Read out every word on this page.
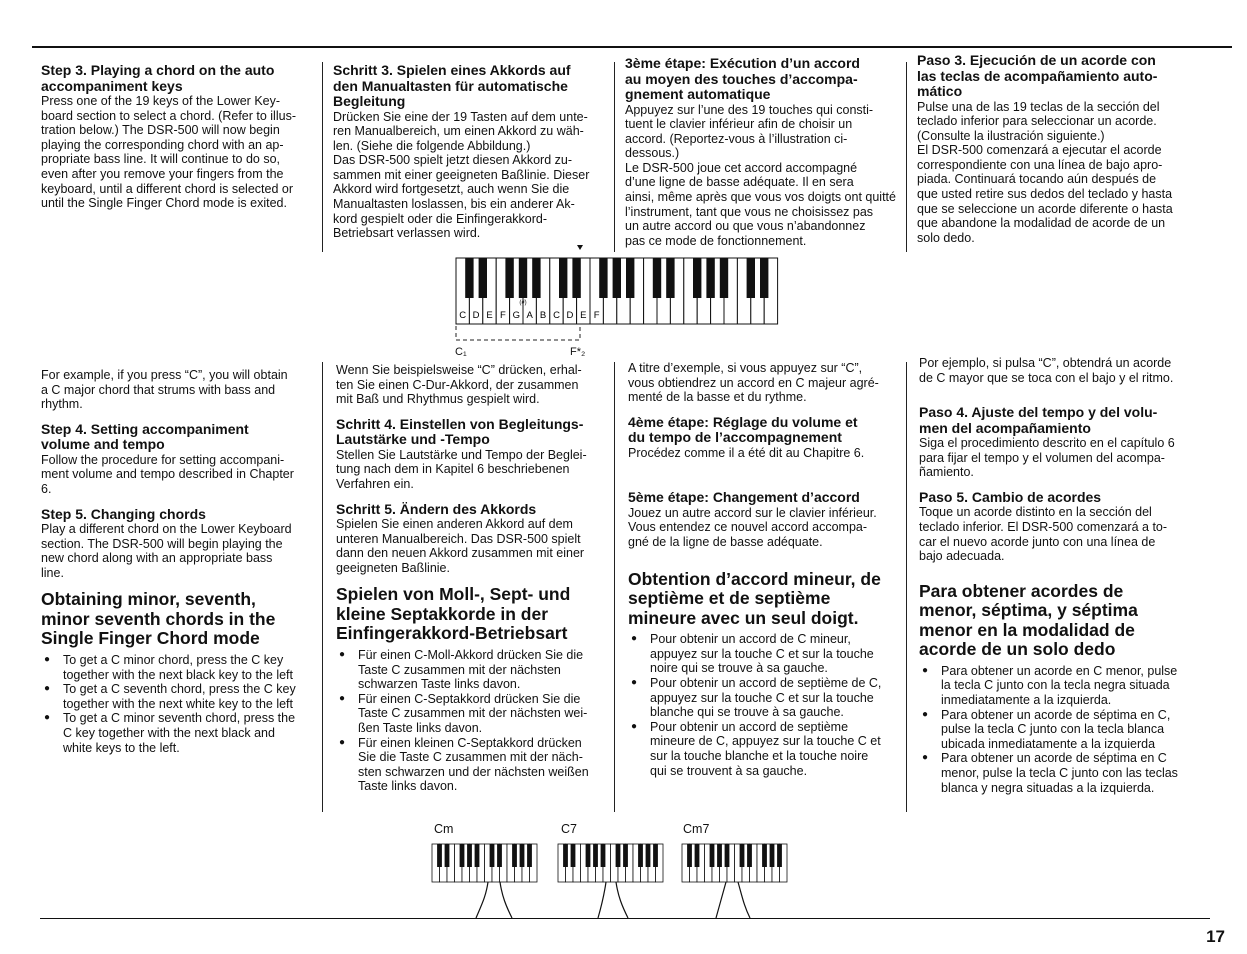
Step 3. Playing a chord on the auto
accompaniment keys

Press one of the 19 keys of the Lower Key-
board section to select a chord. (Refer to illus-
tration below.) The DSR-500 will now begin
playing the corresponding chord with an ap-
propriate bass line. It will continue to do so,
even after you remove your fingers from the
keyboard, until a different chord is selected or
until the Single Finger Chord mode is exited.

Schritt 3. Spielen eines Akkords auf
den Manualtasten für automatische
Begleitung

Drücken Sie eine der 19 Tasten auf dem unte-
ren Manualbereich, um einen Akkord zu wäh-
len. (Siehe die folgende Abbildung.)
Das DSR-500 spielt jetzt diesen Akkord zu-
sammen mit einer geeigneten Baßlinie. Dieser
Akkord wird fortgesetzt, auch wenn Sie die
Manualtasten loslassen, bis ein anderer Ak-
kord gespielt oder die Einfingerakkord-
Betriebsart verlassen wird.

3ème étape: Exécution d’un accord
au moyen des touches d’accompa-
gnement automatique

Appuyez sur l’une des 19 touches qui consti-
tuent le clavier inférieur afin de choisir un
accord. (Reportez-vous à l’illustration ci-
dessous.)
Le DSR-500 joue cet accord accompagné
d’une ligne de basse adéquate. Il en sera
ainsi, même après que vous vos doigts ont quitté
l’instrument, tant que vous ne choisissez pas
un autre accord ou que vous n’abandonnez
pas ce mode de fonctionnement.

Paso 3. Ejecución de un acorde con
las teclas de acompañamiento auto-
mático

Pulse una de las 19 teclas de la sección del
teclado inferior para seleccionar un acorde.
(Consulte la ilustración siguiente.)
El DSR-500 comenzará a ejecutar el acorde
correspondiente con una línea de bajo apro-
piada. Continuará tocando aún después de
que usted retire sus dedos del teclado y hasta
que se seleccione un acorde diferente o hasta
que abandone la modalidad de acorde de un
solo dedo.

C D E F G A B C D E F
(#)
C₁	F*₂

For example, if you press “C”, you will obtain
a C major chord that strums with bass and
rhythm.

Step 4. Setting accompaniment
volume and tempo

Follow the procedure for setting accompani-
ment volume and tempo described in Chapter
6.

Step 5. Changing chords

Play a different chord on the Lower Keyboard
section. The DSR-500 will begin playing the
new chord along with an appropriate bass
line.

Obtaining minor, seventh,
minor seventh chords in the
Single Finger Chord mode

● To get a C minor chord, press the C key
together with the next black key to the left
● To get a C seventh chord, press the C key
together with the next white key to the left
● To get a C minor seventh chord, press the
C key together with the next black and
white keys to the left.

Wenn Sie beispielsweise “C” drücken, erhal-
ten Sie einen C-Dur-Akkord, der zusammen
mit Baß und Rhythmus gespielt wird.

Schritt 4. Einstellen von Begleitungs-
Lautstärke und -Tempo

Stellen Sie Lautstärke und Tempo der Beglei-
tung nach dem in Kapitel 6 beschriebenen
Verfahren ein.

Schritt 5. Ändern des Akkords

Spielen Sie einen anderen Akkord auf dem
unteren Manualbereich. Das DSR-500 spielt
dann den neuen Akkord zusammen mit einer
geeigneten Baßlinie.

Spielen von Moll-, Sept- und
kleine Septakkorde in der
Einfingerakkord-Betriebsart

● Für einen C-Moll-Akkord drücken Sie die
Taste C zusammen mit der nächsten
schwarzen Taste links davon.
● Für einen C-Septakkord drücken Sie die
Taste C zusammen mit der nächsten wei-
ßen Taste links davon.
● Für einen kleinen C-Septakkord drücken
Sie die Taste C zusammen mit der näch-
sten schwarzen und der nächsten weißen
Taste links davon.

A titre d’exemple, si vous appuyez sur “C”,
vous obtiendrez un accord en C majeur agré-
menté de la basse et du rythme.

4ème étape: Réglage du volume et
du tempo de l’accompagnement

Procédez comme il a été dit au Chapitre 6.

5ème étape: Changement d’accord

Jouez un autre accord sur le clavier inférieur.
Vous entendez ce nouvel accord accompa-
gné de la ligne de basse adéquate.

Obtention d’accord mineur, de
septième et de septième
mineure avec un seul doigt.

● Pour obtenir un accord de C mineur,
appuyez sur la touche C et sur la touche
noire qui se trouve à sa gauche.
● Pour obtenir un accord de septième de C,
appuyez sur la touche C et sur la touche
blanche qui se trouve à sa gauche.
● Pour obtenir un accord de septième
mineure de C, appuyez sur la touche C et
sur la touche blanche et la touche noire
qui se trouvent à sa gauche.

Por ejemplo, si pulsa “C”, obtendrá un acorde
de C mayor que se toca con el bajo y el ritmo.

Paso 4. Ajuste del tempo y del volu-
men del acompañamiento

Siga el procedimiento descrito en el capítulo 6
para fijar el tempo y el volumen del acompa-
ñamiento.

Paso 5. Cambio de acordes

Toque un acorde distinto en la sección del
teclado inferior. El DSR-500 comenzará a to-
car el nuevo acorde junto con una línea de
bajo adecuada.

Para obtener acordes de
menor, séptima, y séptima
menor en la modalidad de
acorde de un solo dedo

● Para obtener un acorde en C menor, pulse
la tecla C junto con la tecla negra situada
inmediatamente a la izquierda.
● Para obtener un acorde de séptima en C,
pulse la tecla C junto con la tecla blanca
ubicada inmediatamente a la izquierda
● Para obtener un acorde de séptima en C
menor, pulse la tecla C junto con las teclas
blanca y negra situadas a la izquierda.
Cm	C7	Cm7
17
